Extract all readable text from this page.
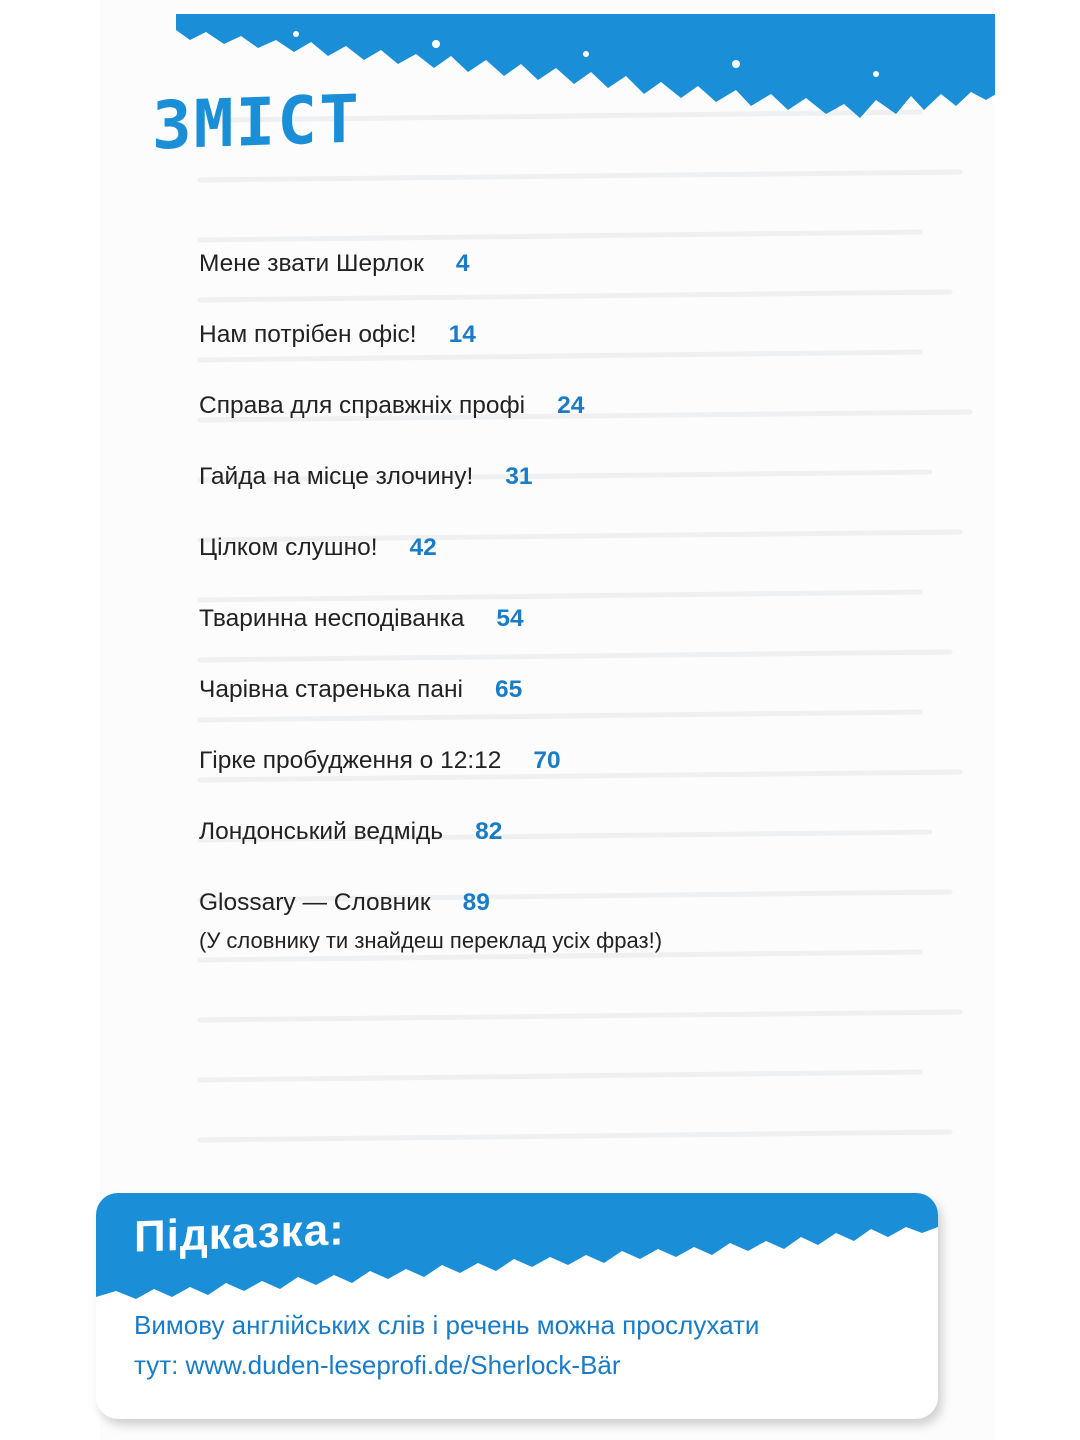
ЗМІСТ
Мене звати Шерлок 4
Нам потрібен офіс! 14
Справа для справжніх профі 24
Гайда на місце злочину! 31
Цілком слушно! 42
Тваринна несподіванка 54
Чарівна старенька пані 65
Гірке пробудження о 12:12 70
Лондонський ведмідь 82
Glossary — Словник 89
(У словнику ти знайдеш переклад усіх фраз!)
Підказка:
Вимову англійських слів і речень можна прослухати
тут: www.duden-leseprofi.de/Sherlock-Bär
